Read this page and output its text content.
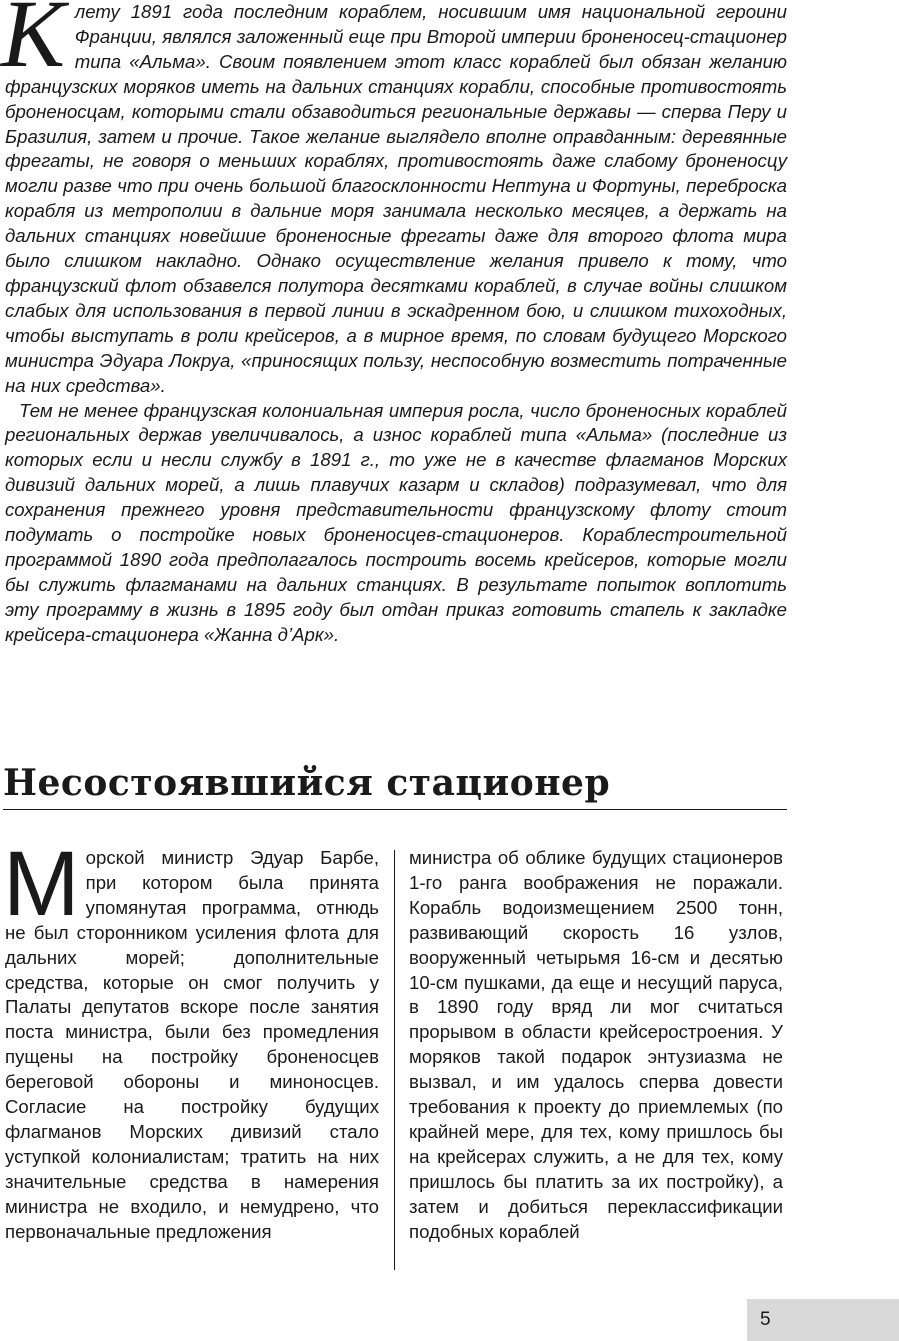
Клету 1891 года последним кораблем, носившим имя национальной героини Франции, являлся заложенный еще при Второй империи броненосец-стационер типа «Альма». Своим появлением этот класс кораблей был обязан желанию французских моряков иметь на дальних станциях корабли, способные противостоять броненосцам, которыми стали обзаводиться региональные державы — сперва Перу и Бразилия, затем и прочие. Такое желание выглядело вполне оправданным: деревянные фрегаты, не говоря о меньших кораблях, противостоять даже слабому броненосцу могли разве что при очень большой благосклонности Нептуна и Фортуны, переброска корабля из метрополии в дальние моря занимала несколько месяцев, а держать на дальних станциях новейшие броненосные фрегаты даже для второго флота мира было слишком накладно. Однако осуществление желания привело к тому, что французский флот обзавелся полутора десятками кораблей, в случае войны слишком слабых для использования в первой линии в эскадренном бою, и слишком тихоходных, чтобы выступать в роли крейсеров, а в мирное время, по словам будущего Морского министра Эдуара Локруа, «приносящих пользу, неспособную возместить потраченные на них средства».

Тем не менее французская колониальная империя росла, число броненосных кораблей региональных держав увеличивалось, а износ кораблей типа «Альма» (последние из которых если и несли службу в 1891 г., то уже не в качестве флагманов Морских дивизий дальних морей, а лишь плавучих казарм и складов) подразумевал, что для сохранения прежнего уровня представительности французскому флоту стоит подумать о постройке новых броненосцев-стационеров. Кораблестроительной программой 1890 года предполагалось построить восемь крейсеров, которые могли бы служить флагманами на дальних станциях. В результате попыток воплотить эту программу в жизнь в 1895 году был отдан приказ готовить стапель к закладке крейсера-стационера «Жанна д’Арк».

Несостоявшийся стационер

Морской министр Эдуар Барбе, при котором была принята упомянутая программа, отнюдь не был сторонником усиления флота для дальних морей; дополнительные средства, которые он смог получить у Палаты депутатов вскоре после занятия поста министра, были без промедления пущены на постройку броненосцев береговой обороны и миноносцев. Согласие на постройку будущих флагманов Морских дивизий стало уступкой колониалистам; тратить на них значительные средства в намерения министра не входило, и немудрено, что первоначальные предложения

министра об облике будущих стационеров 1-го ранга воображения не поражали. Корабль водоизмещением 2500 тонн, развивающий скорость 16 узлов, вооруженный четырьмя 16-см и десятью 10-см пушками, да еще и несущий паруса, в 1890 году вряд ли мог считаться прорывом в области крейсеростроения. У моряков такой подарок энтузиазма не вызвал, и им удалось сперва довести требования к проекту до приемлемых (по крайней мере, для тех, кому пришлось бы на крейсерах служить, а не для тех, кому пришлось бы платить за их постройку), а затем и добиться переклассификации подобных кораблей

5
